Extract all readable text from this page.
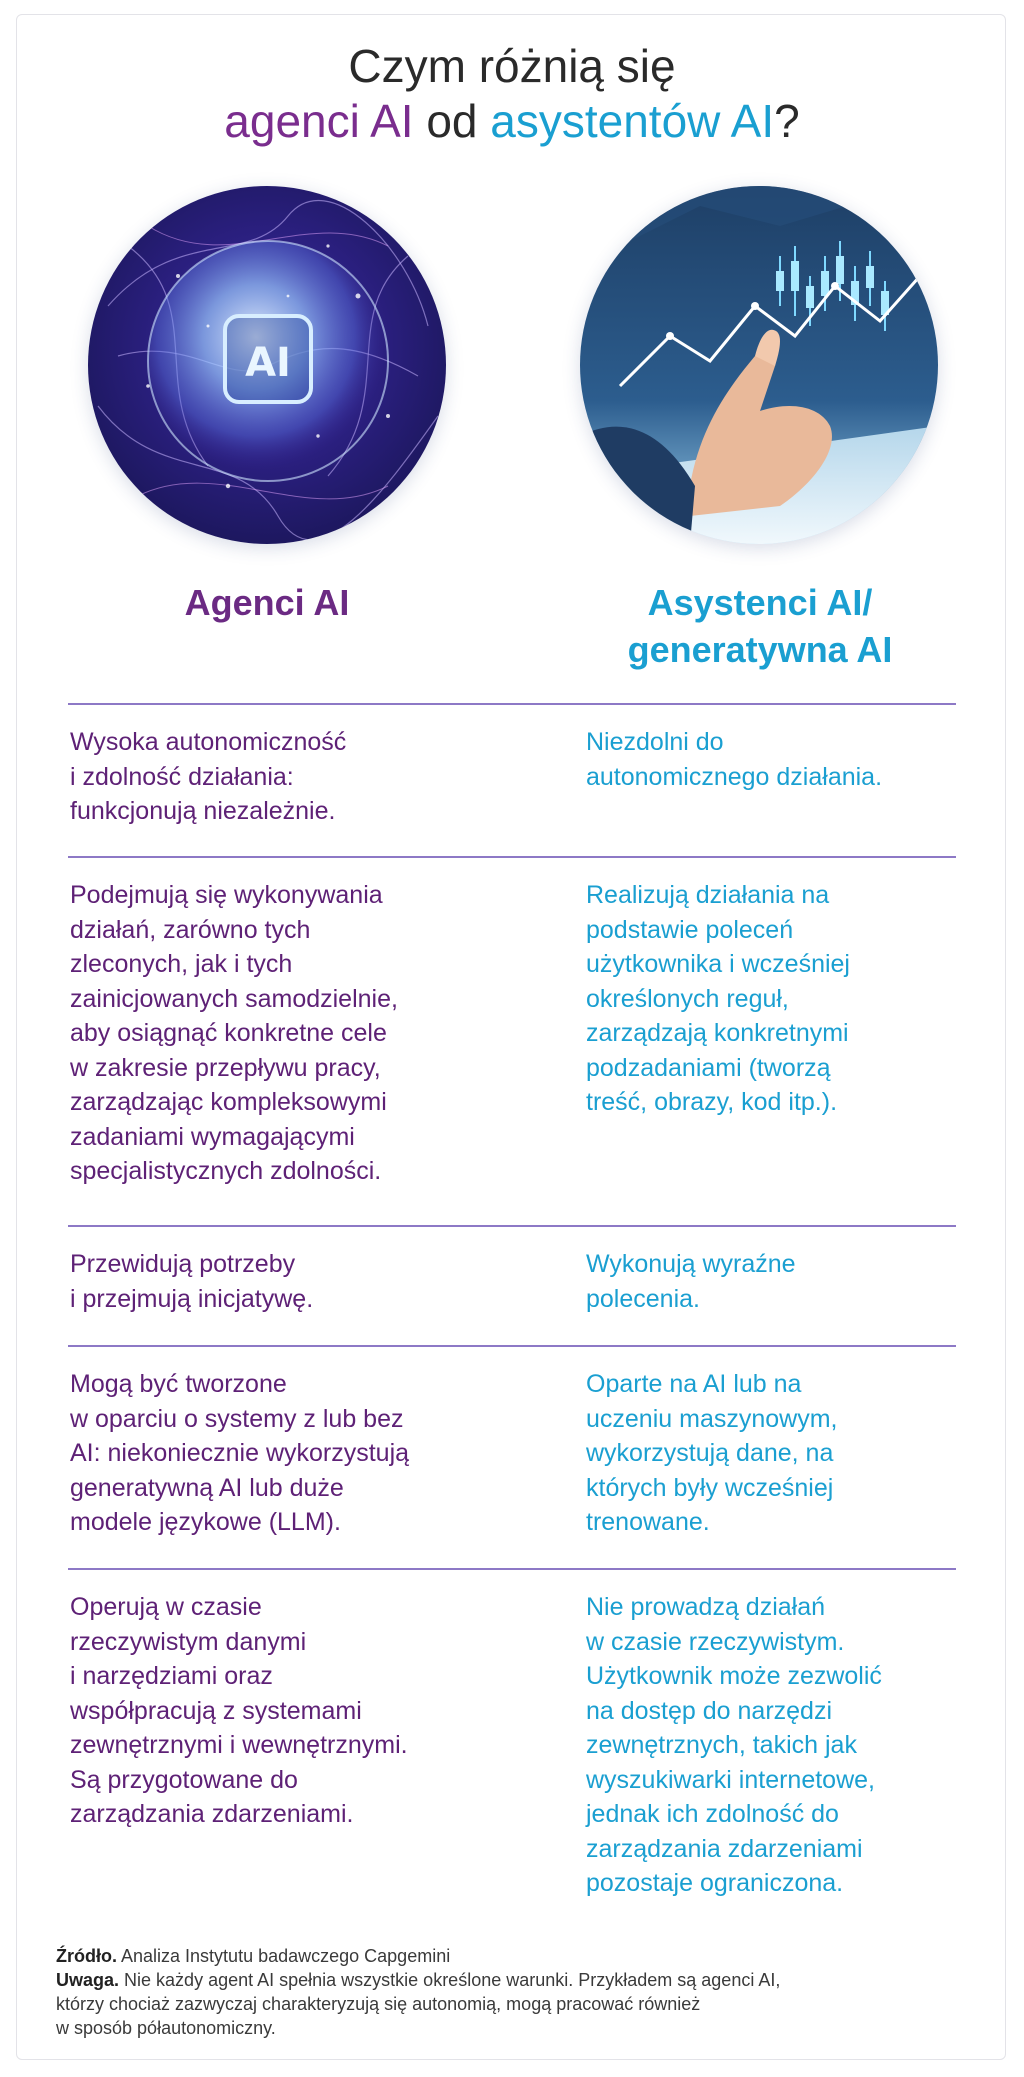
Czym różnią się
agenci AI od asystentów AI?
AI
Agenci AI	Asystenci AI/
generatywna AI
Wysoka autonomiczność
i zdolność działania:
funkcjonują niezależnie.
Niezdolni do
autonomicznego działania.
Podejmują się wykonywania
działań, zarówno tych
zleconych, jak i tych
zainicjowanych samodzielnie,
aby osiągnąć konkretne cele
w zakresie przepływu pracy,
zarządzając kompleksowymi
zadaniami wymagającymi
specjalistycznych zdolności.
Realizują działania na
podstawie poleceń
użytkownika i wcześniej
określonych reguł,
zarządzają konkretnymi
podzadaniami (tworzą
treść, obrazy, kod itp.).
Przewidują potrzeby
i przejmują inicjatywę.
Wykonują wyraźne
polecenia.
Mogą być tworzone
w oparciu o systemy z lub bez
AI: niekoniecznie wykorzystują
generatywną AI lub duże
modele językowe (LLM).
Oparte na AI lub na
uczeniu maszynowym,
wykorzystują dane, na
których były wcześniej
trenowane.
Operują w czasie
rzeczywistym danymi
i narzędziami oraz
współpracują z systemami
zewnętrznymi i wewnętrznymi.
Są przygotowane do
zarządzania zdarzeniami.
Nie prowadzą działań
w czasie rzeczywistym.
Użytkownik może zezwolić
na dostęp do narzędzi
zewnętrznych, takich jak
wyszukiwarki internetowe,
jednak ich zdolność do
zarządzania zdarzeniami
pozostaje ograniczona.
Źródło. Analiza Instytutu badawczego Capgemini
Uwaga. Nie każdy agent AI spełnia wszystkie określone warunki. Przykładem są agenci AI,
którzy chociaż zazwyczaj charakteryzują się autonomią, mogą pracować również
w sposób półautonomiczny.
